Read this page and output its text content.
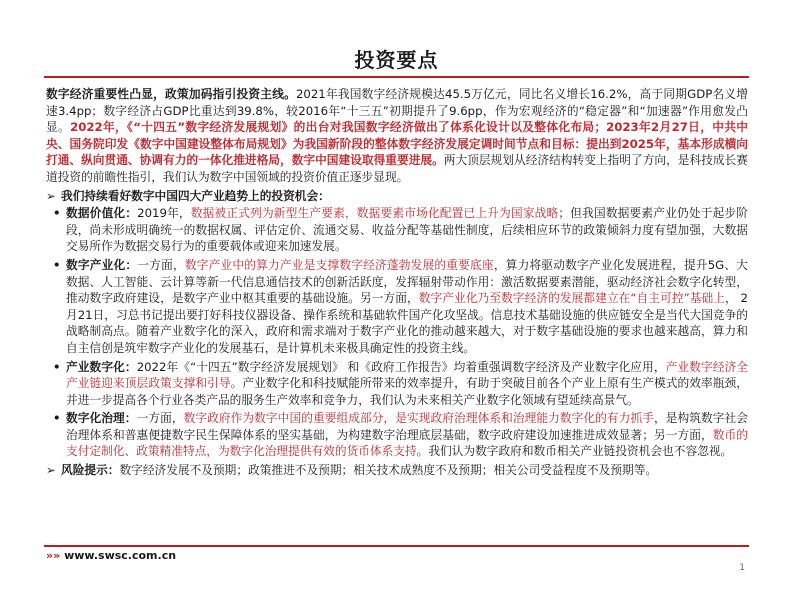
投资要点

数字经济重要性凸显，政策加码指引投资主线。2021年我国数字经济规模达45.5万亿元，同比名义增长16.2%，高于同期GDP名义增速3.4pp；数字经济占GDP比重达到39.8%，较2016年“十三五”初期提升了9.6pp，作为宏观经济的“稳定器”和“加速器”作用愈发凸显。2022年，《“十四五”数字经济发展规划》的出台对我国数字经济做出了体系化设计以及整体化布局；2023年2月27日，中共中央、国务院印发《数字中国建设整体布局规划》为我国新阶段的整体数字经济发展定调时间节点和目标：提出到2025年，基本形成横向打通、纵向贯通、协调有力的一体化推进格局，数字中国建设取得重要进展。两大顶层规划从经济结构转变上指明了方向，是科技成长赛道投资的前瞻性指引，我们认为数字中国领域的投资价值正逐步显现。

➢ 我们持续看好数字中国四大产业趋势上的投资机会：

• 数据价值化：2019年，数据被正式列为新型生产要素，数据要素市场化配置已上升为国家战略；但我国数据要素产业仍处于起步阶段，尚未形成明确统一的数据权属、评估定价、流通交易、收益分配等基础性制度，后续相应环节的政策倾斜力度有望加强，大数据交易所作为数据交易行为的重要载体或迎来加速发展。

• 数字产业化：一方面，数字产业中的算力产业是支撑数字经济蓬勃发展的重要底座，算力将驱动数字产业化发展进程，提升5G、大数据、人工智能、云计算等新一代信息通信技术的创新活跃度，发挥辐射带动作用：激活数据要素潜能，驱动经济社会数字化转型，推动数字政府建设，是数字产业中枢其重要的基础设施。另一方面，数字产业化乃至数字经济的发展都建立在“自主可控”基础上， 2月21日，习总书记提出要打好科技仪器设备、操作系统和基础软件国产化攻坚战。信息技术基础设施的供应链安全是当代大国竞争的战略制高点。随着产业数字化的深入，政府和需求端对于数字产业化的推动越来越大，对于数字基础设施的要求也越来越高，算力和自主信创是筑牢数字产业化的发展基石，是计算机未来极具确定性的投资主线。

• 产业数字化：2022年《“十四五”数字经济发展规划》 和《政府工作报告》均着重强调数字经济及产业数字化应用，产业数字经济全产业链迎来顶层政策支撑和引导。产业数字化和科技赋能所带来的效率提升，有助于突破目前各个产业上原有生产模式的效率瓶颈，并进一步提高各个行业各类产品的服务生产效率和竞争力，我们认为未来相关产业数字化领域有望延续高景气。

• 数字化治理：一方面，数字政府作为数字中国的重要组成部分，是实现政府治理体系和治理能力数字化的有力抓手，是构筑数字社会治理体系和普惠便捷数字民生保障体系的坚实基础，为构建数字治理底层基础，数字政府建设加速推进成效显著；另一方面，数币的支付定制化、政策精准特点，为数字化治理提供有效的货币体系支持。我们认为数字政府和数币相关产业链投资机会也不容忽视。

➢ 风险提示：数字经济发展不及预期；政策推进不及预期；相关技术成熟度不及预期；相关公司受益程度不及预期等。

»» www.swsc.com.cn
1
